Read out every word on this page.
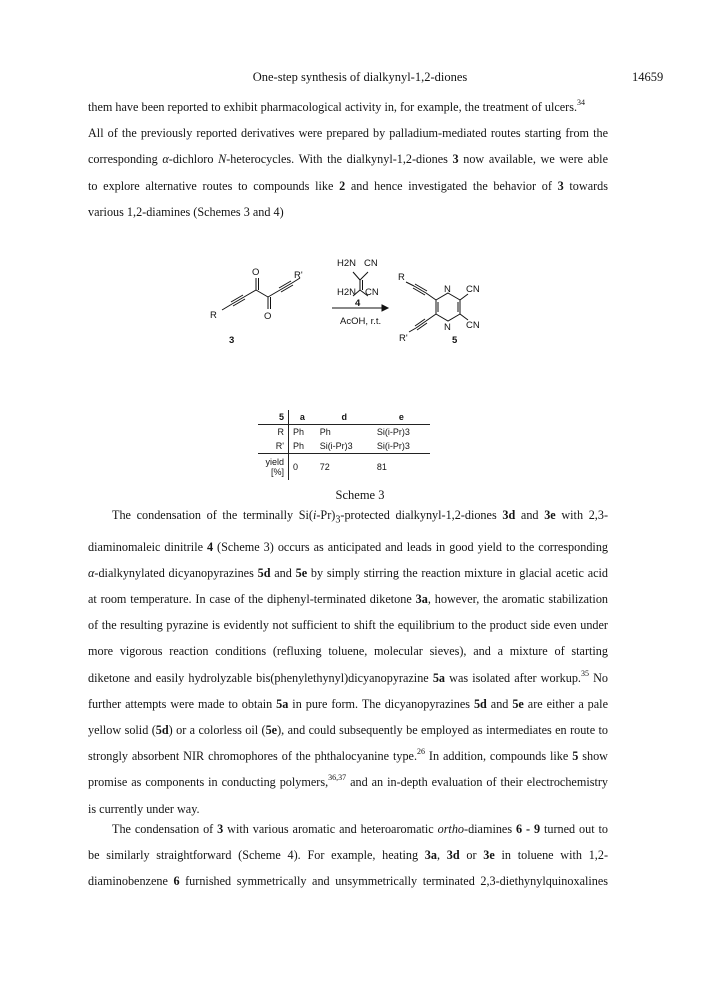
One-step synthesis of dialkynyl-1,2-diones	14659
them have been reported to exhibit pharmacological activity in, for example, the treatment of ulcers.$^{34}$
All of the previously reported derivatives were prepared by palladium-mediated routes starting from the
corresponding α-dichloro N-heterocycles. With the dialkynyl-1,2-diones 3 now available, we were able
to explore alternative routes to compounds like 2 and hence investigated the behavior of 3 towards
various 1,2-diamines (Schemes 3 and 4)
R
R'
O
O
3
H2N CN
H2N CN
4
AcOH, r.t.
R
R'
N
N
CN
CN
5
5	a	d	e
R	Ph	Ph	Si(i-Pr)3
R'	Ph	Si(i-Pr)3	Si(i-Pr)3
yield
[%]	0	72	81
Scheme 3
The condensation of the terminally $Si(i-Pr)_3$-protected dialkynyl-1,2-diones 3d and 3e with 2,3-
diaminomaleic dinitrile 4 (Scheme 3) occurs as anticipated and leads in good yield to the corresponding
α-dialkynylated dicyanopyrazines 5d and 5e by simply stirring the reaction mixture in glacial acetic acid
at room temperature. In case of the diphenyl-terminated diketone 3a, however, the aromatic stabilization
of the resulting pyrazine is evidently not sufficient to shift the equilibrium to the product side even under
more vigorous reaction conditions (refluxing toluene, molecular sieves), and a mixture of starting
diketone and easily hydrolyzable bis(phenylethynyl)dicyanopyrazine 5a was isolated after workup.$^{35}$ No
further attempts were made to obtain 5a in pure form. The dicyanopyrazines 5d and 5e are either a pale
yellow solid (5d) or a colorless oil (5e), and could subsequently be employed as intermediates en route to
strongly absorbent NIR chromophores of the phthalocyanine type.$^{26}$ In addition, compounds like 5 show
promise as components in conducting polymers,$^{36,37}$ and an in-depth evaluation of their electrochemistry
is currently under way.
The condensation of 3 with various aromatic and heteroaromatic ortho-diamines 6 - 9 turned out to
be similarly straightforward (Scheme 4). For example, heating 3a, 3d or 3e in toluene with 1,2-
diaminobenzene 6 furnished symmetrically and unsymmetrically terminated 2,3-diethynylquinoxalines
